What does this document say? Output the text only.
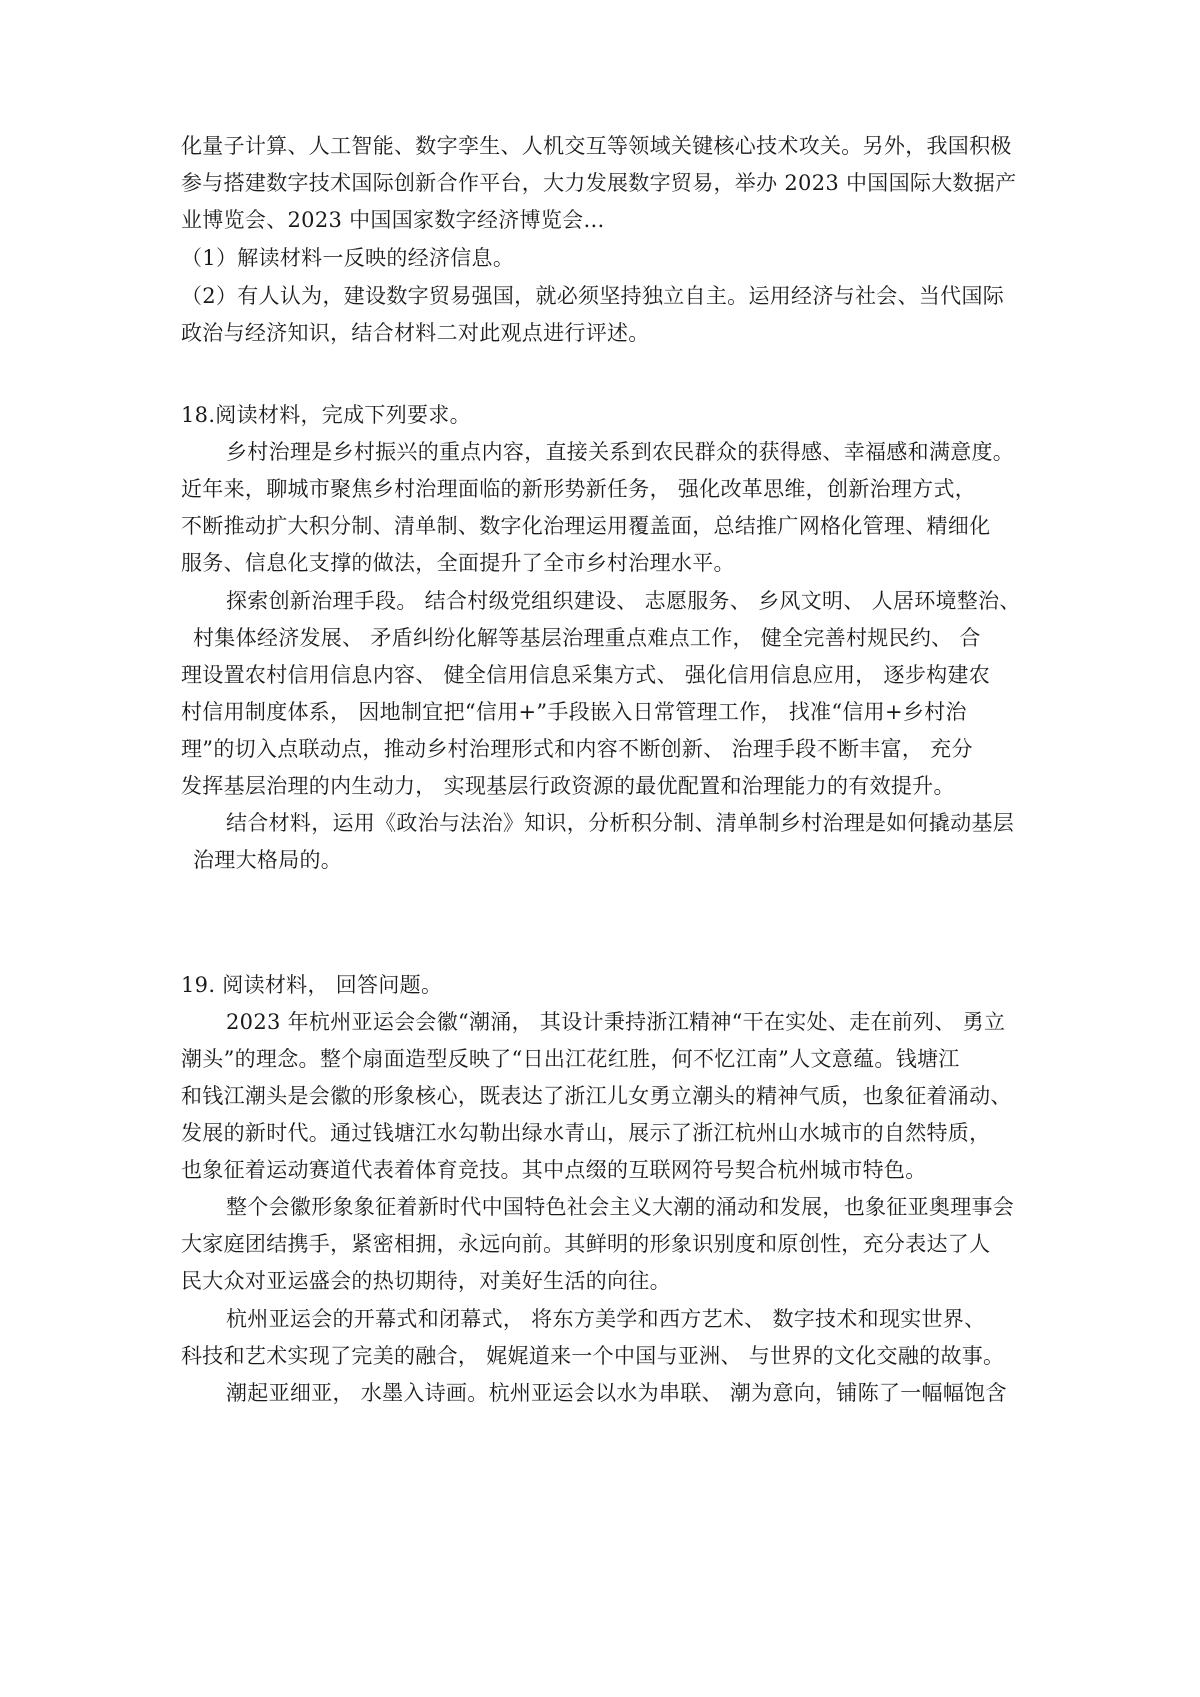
化量子计算、人工智能、数字孪生、人机交互等领域关键核心技术攻关。另外，我国积极

参与搭建数字技术国际创新合作平台，大力发展数字贸易，举办 2023 中国国际大数据产

业博览会、2023 中国国家数字经济博览会…

（1）解读材料一反映的经济信息。

（2）有人认为，建设数字贸易强国，就必须坚持独立自主。运用经济与社会、当代国际

政治与经济知识，结合材料二对此观点进行评述。

18.阅读材料，完成下列要求。

乡村治理是乡村振兴的重点内容，直接关系到农民群众的获得感、幸福感和满意度。

近年来，聊城市聚焦乡村治理面临的新形势新任务， 强化改革思维，创新治理方式，

不断推动扩大积分制、清单制、数字化治理运用覆盖面，总结推广网格化管理、精细化

服务、信息化支撑的做法，全面提升了全市乡村治理水平。

探索创新治理手段。 结合村级党组织建设、 志愿服务、 乡风文明、 人居环境整治、

村集体经济发展、 矛盾纠纷化解等基层治理重点难点工作， 健全完善村规民约、 合

理设置农村信用信息内容、 健全信用信息采集方式、 强化信用信息应用， 逐步构建农

村信用制度体系， 因地制宜把“信用+”手段嵌入日常管理工作， 找准“信用+乡村治

理”的切入点联动点，推动乡村治理形式和内容不断创新、 治理手段不断丰富， 充分

发挥基层治理的内生动力， 实现基层行政资源的最优配置和治理能力的有效提升。

结合材料，运用《政治与法治》知识，分析积分制、清单制乡村治理是如何撬动基层

治理大格局的。

19. 阅读材料， 回答问题。

2023 年杭州亚运会会徽“潮涌， 其设计秉持浙江精神“干在实处、走在前列、 勇立

潮头”的理念。整个扇面造型反映了“日出江花红胜，何不忆江南”人文意蕴。钱塘江

和钱江潮头是会徽的形象核心，既表达了浙江儿女勇立潮头的精神气质，也象征着涌动、

发展的新时代。通过钱塘江水勾勒出绿水青山，展示了浙江杭州山水城市的自然特质，

也象征着运动赛道代表着体育竞技。其中点缀的互联网符号契合杭州城市特色。

整个会徽形象象征着新时代中国特色社会主义大潮的涌动和发展，也象征亚奥理事会

大家庭团结携手，紧密相拥，永远向前。其鲜明的形象识别度和原创性，充分表达了人

民大众对亚运盛会的热切期待，对美好生活的向往。

杭州亚运会的开幕式和闭幕式， 将东方美学和西方艺术、 数字技术和现实世界、

科技和艺术实现了完美的融合， 娓娓道来一个中国与亚洲、 与世界的文化交融的故事。

潮起亚细亚， 水墨入诗画。杭州亚运会以水为串联、 潮为意向，铺陈了一幅幅饱含
